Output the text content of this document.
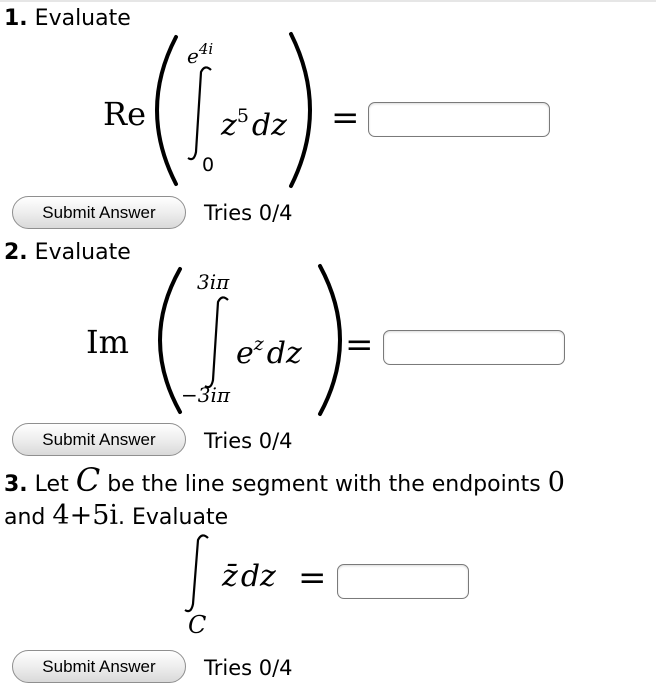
1. Evaluate
Re
e4i
$z^5$ dz
0
=
Submit Answer	Tries 0/4
2. Evaluate
Im
3iπ
$e^z$ dz
−3iπ
=
Submit Answer	Tries 0/4
3. Let C be the line segment with the endpoints 0
and 4+5i. Evaluate
z̄ dz
C
=
Submit Answer	Tries 0/4
